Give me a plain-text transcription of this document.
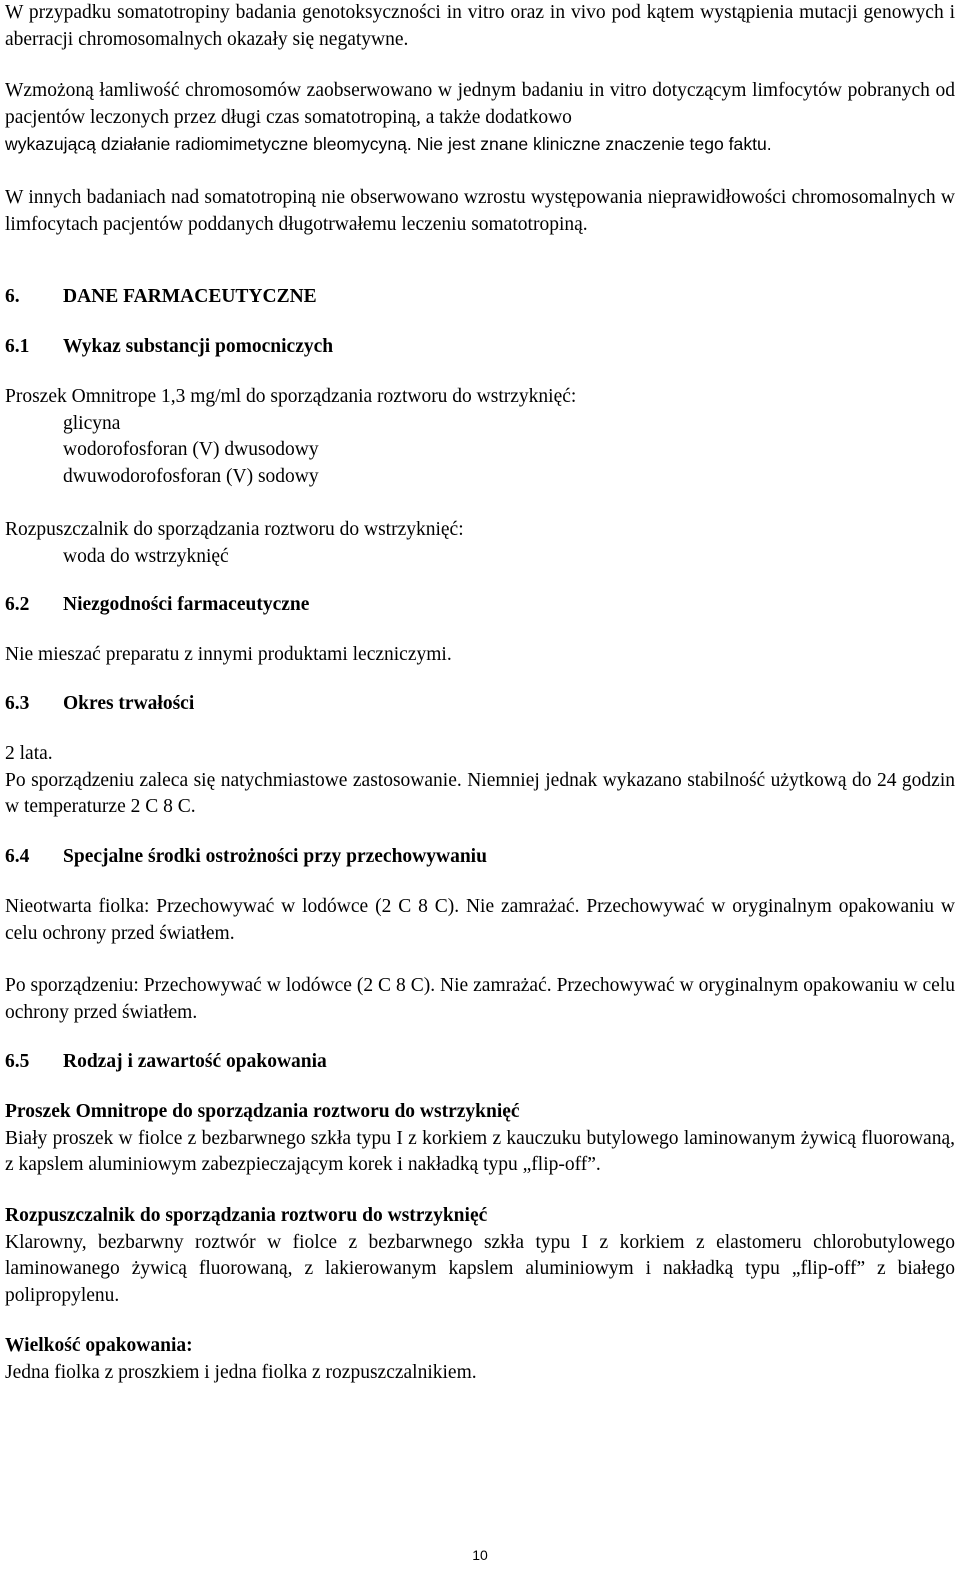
W przypadku somatotropiny badania genotoksyczności in vitro oraz in vivo pod kątem wystąpienia mutacji genowych i aberracji chromosomalnych okazały się negatywne.

Wzmożoną łamliwość chromosomów zaobserwowano w jednym badaniu in vitro dotyczącym limfocytów pobranych od pacjentów leczonych przez długi czas somatotropiną, a także dodatkowo

wykazującą działanie radiomimetyczne bleomycyną. Nie jest znane kliniczne znaczenie tego faktu.

W innych badaniach nad somatotropiną nie obserwowano wzrostu występowania nieprawidłowości chromosomalnych w limfocytach pacjentów poddanych długotrwałemu leczeniu somatotropiną.

6. DANE FARMACEUTYCZNE
6.1 Wykaz substancji pomocniczych

Proszek Omnitrope 1,3 mg/ml do sporządzania roztworu do wstrzyknięć:

glicyna

wodorofosforan (V) dwusodowy

dwuwodorofosforan (V) sodowy

Rozpuszczalnik do sporządzania roztworu do wstrzyknięć:

woda do wstrzyknięć

6.2 Niezgodności farmaceutyczne

Nie mieszać preparatu z innymi produktami leczniczymi.

6.3 Okres trwałości

2 lata.

Po sporządzeniu zaleca się natychmiastowe zastosowanie. Niemniej jednak wykazano stabilność użytkową do 24 godzin w temperaturze 2 C 8 C.

6.4 Specjalne środki ostrożności przy przechowywaniu

Nieotwarta fiolka: Przechowywać w lodówce (2 C 8 C). Nie zamrażać. Przechowywać w oryginalnym opakowaniu w celu ochrony przed światłem.

Po sporządzeniu: Przechowywać w lodówce (2 C 8 C). Nie zamrażać. Przechowywać w oryginalnym opakowaniu w celu ochrony przed światłem.

6.5 Rodzaj i zawartość opakowania

Proszek Omnitrope do sporządzania roztworu do wstrzyknięć

Biały proszek w fiolce z bezbarwnego szkła typu I z korkiem z kauczuku butylowego laminowanym żywicą fluorowaną, z kapslem aluminiowym zabezpieczającym korek i nakładką typu „flip-off”.

Rozpuszczalnik do sporządzania roztworu do wstrzyknięć

Klarowny, bezbarwny roztwór w fiolce z bezbarwnego szkła typu I z korkiem z elastomeru chlorobutylowego laminowanego żywicą fluorowaną, z lakierowanym kapslem aluminiowym i nakładką typu „flip-off” z białego polipropylenu.

Wielkość opakowania:

Jedna fiolka z proszkiem i jedna fiolka z rozpuszczalnikiem.

10
